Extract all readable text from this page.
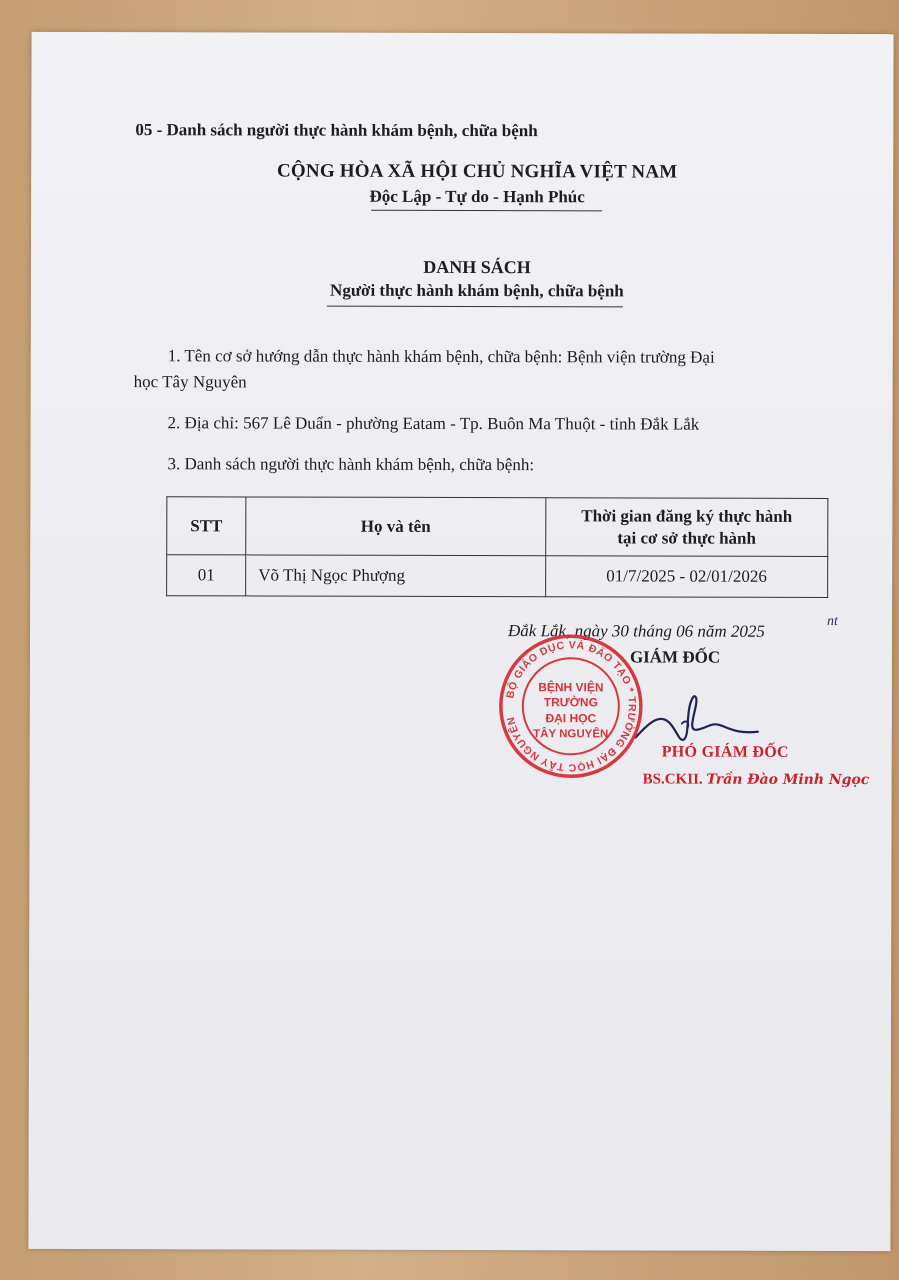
05 - Danh sách người thực hành khám bệnh, chữa bệnh
CỘNG HÒA XÃ HỘI CHỦ NGHĨA VIỆT NAM
Độc Lập - Tự do - Hạnh Phúc
DANH SÁCH
Người thực hành khám bệnh, chữa bệnh
1. Tên cơ sở hướng dẫn thực hành khám bệnh, chữa bệnh: Bệnh viện trường Đại
học Tây Nguyên
2. Địa chỉ: 567 Lê Duẩn - phường Eatam - Tp. Buôn Ma Thuột - tỉnh Đắk Lắk
3. Danh sách người thực hành khám bệnh, chữa bệnh:
STT	Họ và tên	Thời gian đăng ký thực hành
tại cơ sở thực hành
01	Võ Thị Ngọc Phượng	01/7/2025 - 02/01/2026
Đắk Lắk, ngày 30 tháng 06 năm 2025	nt
GIÁM ĐỐC
BỘ GIÁO DỤC VÀ ĐÀO TẠO * TRƯỜNG ĐẠI HỌC TÂY NGUYÊN
BỆNH VIỆN
TRƯỜNG
ĐẠI HỌC
TÂY NGUYÊN
PHÓ GIÁM ĐỐC
BS.CKII. Trần Đào Minh Ngọc
